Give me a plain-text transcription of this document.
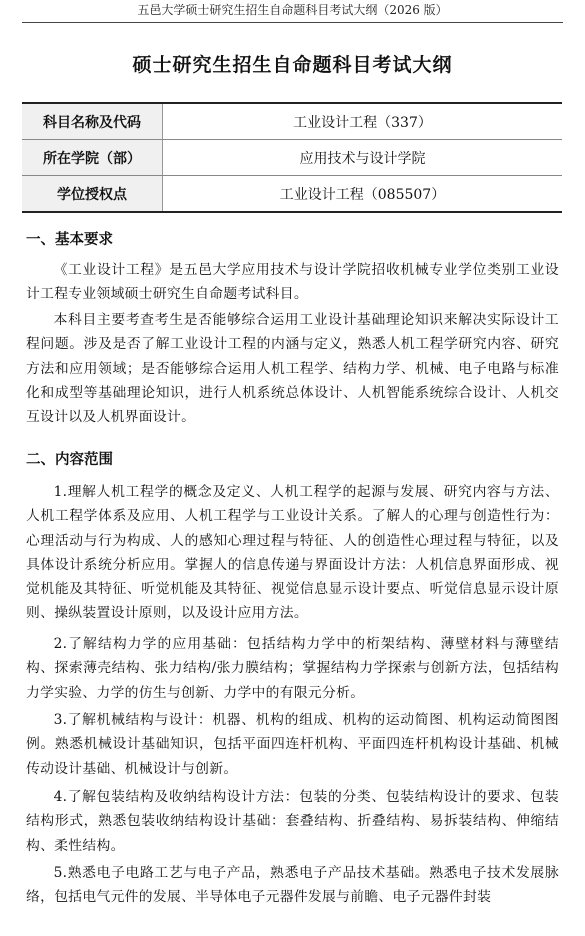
五邑大学硕士研究生招生自命题科目考试大纲（2026 版）
硕士研究生招生自命题科目考试大纲
科目名称及代码	工业设计工程（337）
所在学院（部）	应用技术与设计学院
学位授权点	工业设计工程（085507）
一、基本要求

《工业设计工程》是五邑大学应用技术与设计学院招收机械专业学位类别工业设计工程专业领域硕士研究生自命题考试科目。

本科目主要考查考生是否能够综合运用工业设计基础理论知识来解决实际设计工程问题。涉及是否了解工业设计工程的内涵与定义，熟悉人机工程学研究内容、研究方法和应用领域；是否能够综合运用人机工程学、结构力学、机械、电子电路与标准化和成型等基础理论知识，进行人机系统总体设计、人机智能系统综合设计、人机交互设计以及人机界面设计。

二、内容范围

1.理解人机工程学的概念及定义、人机工程学的起源与发展、研究内容与方法、人机工程学体系及应用、人机工程学与工业设计关系。了解人的心理与创造性行为：心理活动与行为构成、人的感知心理过程与特征、人的创造性心理过程与特征，以及具体设计系统分析应用。掌握人的信息传递与界面设计方法：人机信息界面形成、视觉机能及其特征、听觉机能及其特征、视觉信息显示设计要点、听觉信息显示设计原则、操纵装置设计原则，以及设计应用方法。

2.了解结构力学的应用基础：包括结构力学中的桁架结构、薄壁材料与薄壁结构、探索薄壳结构、张力结构/张力膜结构；掌握结构力学探索与创新方法，包括结构力学实验、力学的仿生与创新、力学中的有限元分析。

3.了解机械结构与设计：机器、机构的组成、机构的运动简图、机构运动简图图例。熟悉机械设计基础知识，包括平面四连杆机构、平面四连杆机构设计基础、机械传动设计基础、机械设计与创新。

4.了解包装结构及收纳结构设计方法：包装的分类、包装结构设计的要求、包装结构形式，熟悉包装收纳结构设计基础：套叠结构、折叠结构、易拆装结构、伸缩结构、柔性结构。

5.熟悉电子电路工艺与电子产品，熟悉电子产品技术基础。熟悉电子技术发展脉络，包括电气元件的发展、半导体电子元器件发展与前瞻、电子元器件封装
